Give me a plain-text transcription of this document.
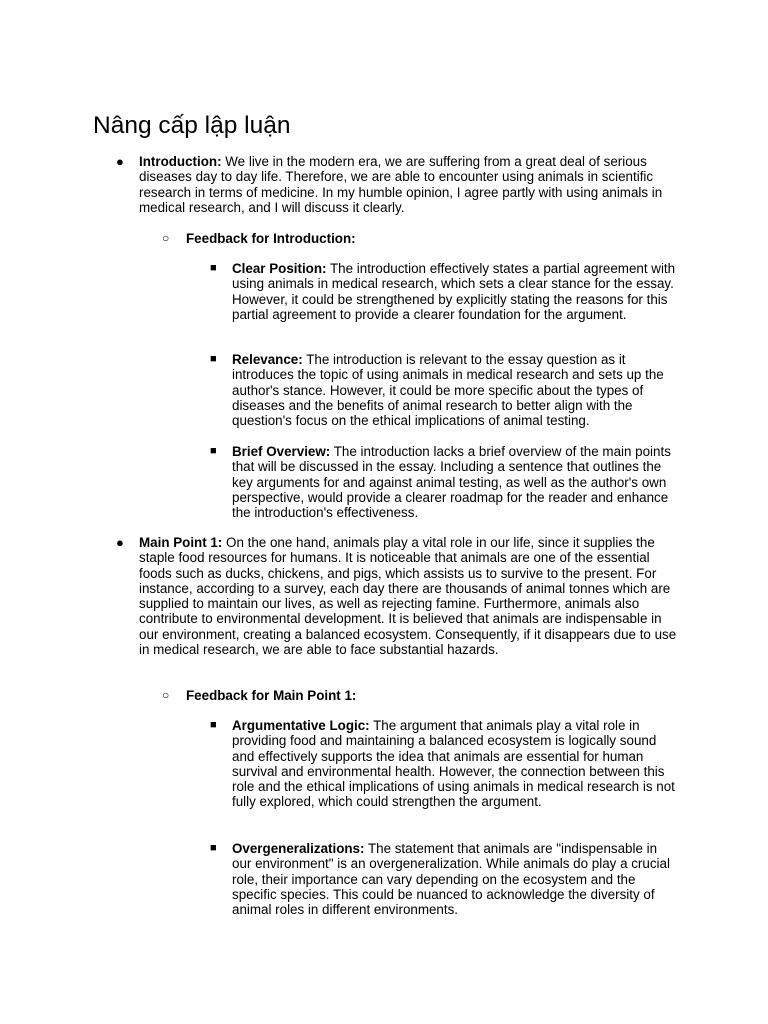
Nâng cấp lập luận
● Introduction: We live in the modern era, we are suffering from a great deal of serious diseases day to day life. Therefore, we are able to encounter using animals in scientific research in terms of medicine. In my humble opinion, I agree partly with using animals in medical research, and I will discuss it clearly.

○ Feedback for Introduction:

■ Clear Position: The introduction effectively states a partial agreement with using animals in medical research, which sets a clear stance for the essay. However, it could be strengthened by explicitly stating the reasons for this partial agreement to provide a clearer foundation for the argument.

■ Relevance: The introduction is relevant to the essay question as it introduces the topic of using animals in medical research and sets up the author's stance. However, it could be more specific about the types of diseases and the benefits of animal research to better align with the question's focus on the ethical implications of animal testing.

■ Brief Overview: The introduction lacks a brief overview of the main points that will be discussed in the essay. Including a sentence that outlines the key arguments for and against animal testing, as well as the author's own perspective, would provide a clearer roadmap for the reader and enhance the introduction's effectiveness.

● Main Point 1: On the one hand, animals play a vital role in our life, since it supplies the staple food resources for humans. It is noticeable that animals are one of the essential foods such as ducks, chickens, and pigs, which assists us to survive to the present. For instance, according to a survey, each day there are thousands of animal tonnes which are supplied to maintain our lives, as well as rejecting famine. Furthermore, animals also contribute to environmental development. It is believed that animals are indispensable in our environment, creating a balanced ecosystem. Consequently, if it disappears due to use in medical research, we are able to face substantial hazards.

○ Feedback for Main Point 1:

■ Argumentative Logic: The argument that animals play a vital role in providing food and maintaining a balanced ecosystem is logically sound and effectively supports the idea that animals are essential for human survival and environmental health. However, the connection between this role and the ethical implications of using animals in medical research is not fully explored, which could strengthen the argument.

■ Overgeneralizations: The statement that animals are "indispensable in our environment" is an overgeneralization. While animals do play a crucial role, their importance can vary depending on the ecosystem and the specific species. This could be nuanced to acknowledge the diversity of animal roles in different environments.
